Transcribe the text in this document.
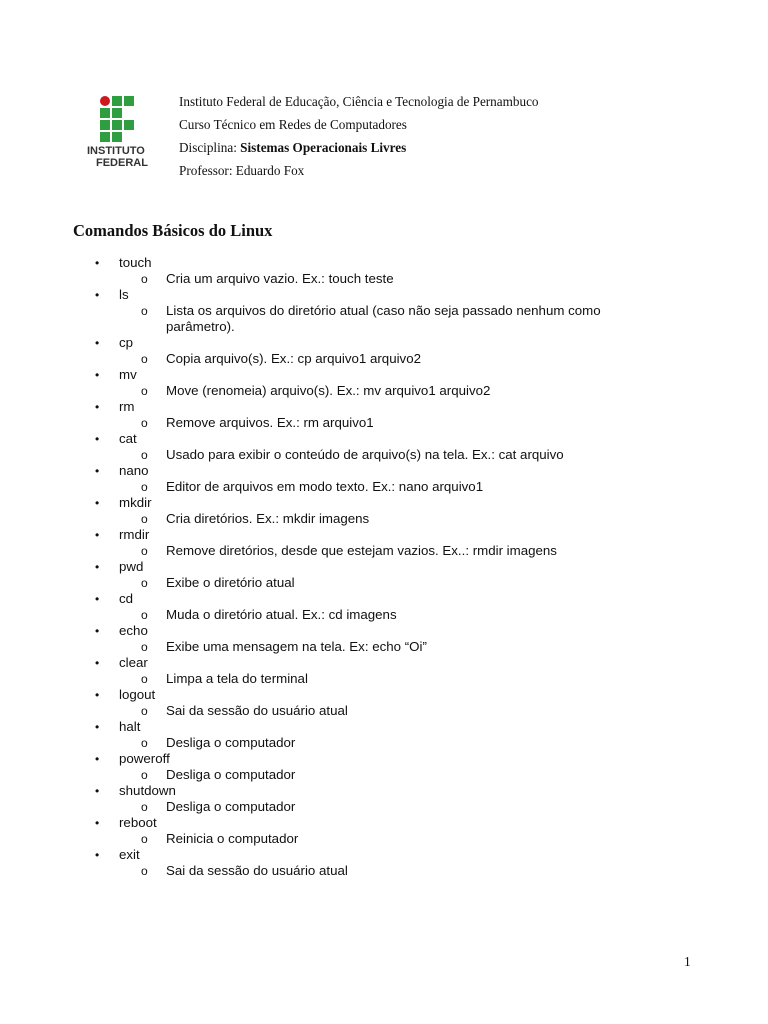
INSTITUTO
FEDERAL
Instituto Federal de Educação, Ciência e Tecnologia de Pernambuco
Curso Técnico em Redes de Computadores
Disciplina: Sistemas Operacionais Livres
Professor: Eduardo Fox
Comandos Básicos do Linux
•	touch
o Cria um arquivo vazio. Ex.: touch teste
•	ls
o Lista os arquivos do diretório atual (caso não seja passado nenhum como parâmetro).
•	cp
o Copia arquivo(s). Ex.: cp arquivo1 arquivo2
•	mv
o Move (renomeia) arquivo(s). Ex.: mv arquivo1 arquivo2
•	rm
o Remove arquivos. Ex.: rm arquivo1
•	cat
o Usado para exibir o conteúdo de arquivo(s) na tela. Ex.: cat arquivo
•	nano
o Editor de arquivos em modo texto. Ex.: nano arquivo1
•	mkdir
o Cria diretórios. Ex.: mkdir imagens
•	rmdir
o Remove diretórios, desde que estejam vazios. Ex..: rmdir imagens
•	pwd
o Exibe o diretório atual
•	cd
o Muda o diretório atual. Ex.: cd imagens
•	echo
o Exibe uma mensagem na tela. Ex: echo “Oi”
•	clear
o Limpa a tela do terminal
•	logout
o Sai da sessão do usuário atual
•	halt
o Desliga o computador
•	poweroff
o Desliga o computador
•	shutdown
o Desliga o computador
•	reboot
o Reinicia o computador
•	exit
o Sai da sessão do usuário atual
1
